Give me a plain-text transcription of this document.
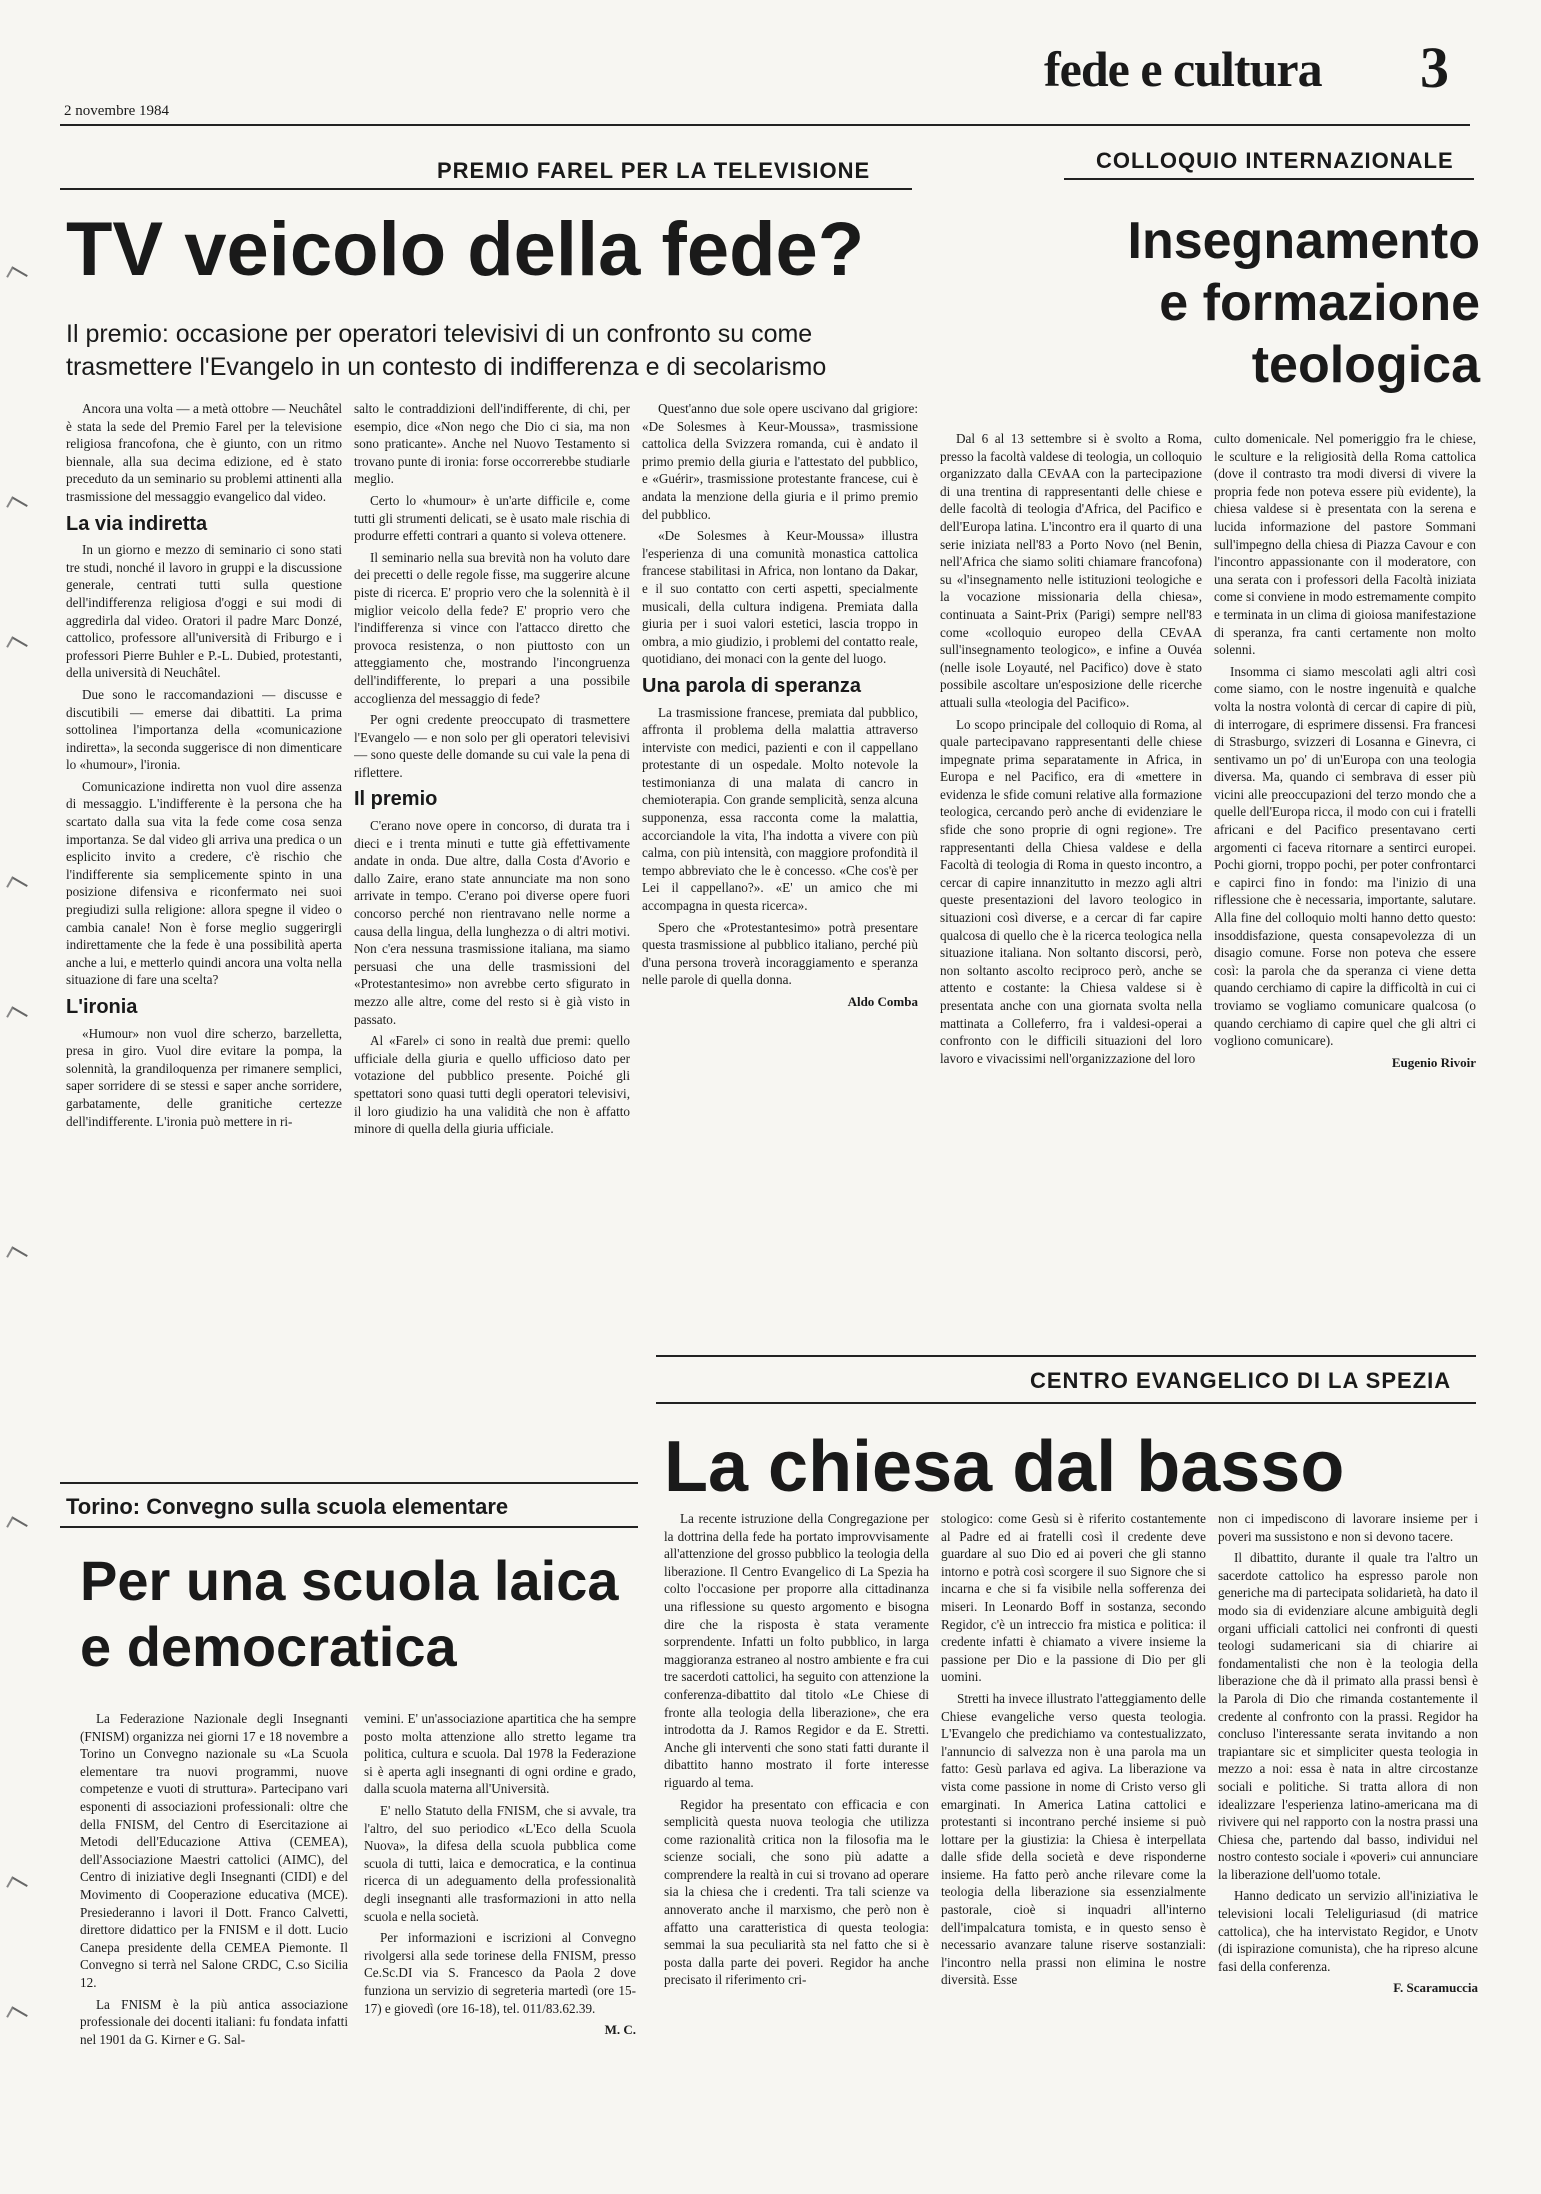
2 novembre 1984
fede e cultura 3
PREMIO FAREL PER LA TELEVISIONE
TV veicolo della fede?
Il premio: occasione per operatori televisivi di un confronto su come trasmettere l'Evangelo in un contesto di indifferenza e di secolarismo

Ancora una volta — a metà ottobre — Neuchâtel è stata la sede del Premio Farel per la televisione religiosa francofona, che è giunto, con un ritmo biennale, alla sua decima edizione, ed è stato preceduto da un seminario su problemi attinenti alla trasmissione del messaggio evangelico dal video.

La via indiretta

In un giorno e mezzo di seminario ci sono stati tre studi, nonché il lavoro in gruppi e la discussione generale, centrati tutti sulla questione dell'indifferenza religiosa d'oggi e sui modi di aggredirla dal video. Oratori il padre Marc Donzé, cattolico, professore all'università di Friburgo e i professori Pierre Buhler e P.-L. Dubied, protestanti, della università di Neuchâtel.

Due sono le raccomandazioni — discusse e discutibili — emerse dai dibattiti. La prima sottolinea l'importanza della «comunicazione indiretta», la seconda suggerisce di non dimenticare lo «humour», l'ironia.

Comunicazione indiretta non vuol dire assenza di messaggio. L'indifferente è la persona che ha scartato dalla sua vita la fede come cosa senza importanza. Se dal video gli arriva una predica o un esplicito invito a credere, c'è rischio che l'indifferente sia semplicemente spinto in una posizione difensiva e riconfermato nei suoi pregiudizi sulla religione: allora spegne il video o cambia canale! Non è forse meglio suggerirgli indirettamente che la fede è una possibilità aperta anche a lui, e metterlo quindi ancora una volta nella situazione di fare una scelta?

L'ironia

«Humour» non vuol dire scherzo, barzelletta, presa in giro. Vuol dire evitare la pompa, la solennità, la grandiloquenza per rimanere semplici, saper sorridere di se stessi e saper anche sorridere, garbatamente, delle granitiche certezze dell'indifferente. L'ironia può mettere in ri-

salto le contraddizioni dell'indifferente, di chi, per esempio, dice «Non nego che Dio ci sia, ma non sono praticante». Anche nel Nuovo Testamento si trovano punte di ironia: forse occorrerebbe studiarle meglio.

Certo lo «humour» è un'arte difficile e, come tutti gli strumenti delicati, se è usato male rischia di produrre effetti contrari a quanto si voleva ottenere.

Il seminario nella sua brevità non ha voluto dare dei precetti o delle regole fisse, ma suggerire alcune piste di ricerca. E' proprio vero che la solennità è il miglior veicolo della fede? E' proprio vero che l'indifferenza si vince con l'attacco diretto che provoca resistenza, o non piuttosto con un atteggiamento che, mostrando l'incongruenza dell'indifferente, lo prepari a una possibile accoglienza del messaggio di fede?

Per ogni credente preoccupato di trasmettere l'Evangelo — e non solo per gli operatori televisivi — sono queste delle domande su cui vale la pena di riflettere.

Il premio

C'erano nove opere in concorso, di durata tra i dieci e i trenta minuti e tutte già effettivamente andate in onda. Due altre, dalla Costa d'Avorio e dallo Zaire, erano state annunciate ma non sono arrivate in tempo. C'erano poi diverse opere fuori concorso perché non rientravano nelle norme a causa della lingua, della lunghezza o di altri motivi. Non c'era nessuna trasmissione italiana, ma siamo persuasi che una delle trasmissioni del «Protestantesimo» non avrebbe certo sfigurato in mezzo alle altre, come del resto si è già visto in passato.

Al «Farel» ci sono in realtà due premi: quello ufficiale della giuria e quello ufficioso dato per votazione del pubblico presente. Poiché gli spettatori sono quasi tutti degli operatori televisivi, il loro giudizio ha una validità che non è affatto minore di quella della giuria ufficiale.

Quest'anno due sole opere uscivano dal grigiore: «De Solesmes à Keur-Moussa», trasmissione cattolica della Svizzera romanda, cui è andato il primo premio della giuria e l'attestato del pubblico, e «Guérir», trasmissione protestante francese, cui è andata la menzione della giuria e il primo premio del pubblico.

«De Solesmes à Keur-Moussa» illustra l'esperienza di una comunità monastica cattolica francese stabilitasi in Africa, non lontano da Dakar, e il suo contatto con certi aspetti, specialmente musicali, della cultura indigena. Premiata dalla giuria per i suoi valori estetici, lascia troppo in ombra, a mio giudizio, i problemi del contatto reale, quotidiano, dei monaci con la gente del luogo.

Una parola di speranza

La trasmissione francese, premiata dal pubblico, affronta il problema della malattia attraverso interviste con medici, pazienti e con il cappellano protestante di un ospedale. Molto notevole la testimonianza di una malata di cancro in chemioterapia. Con grande semplicità, senza alcuna supponenza, essa racconta come la malattia, accorciandole la vita, l'ha indotta a vivere con più calma, con più intensità, con maggiore profondità il tempo abbreviato che le è concesso. «Che cos'è per Lei il cappellano?». «E' un amico che mi accompagna in questa ricerca».

Spero che «Protestantesimo» potrà presentare questa trasmissione al pubblico italiano, perché più d'una persona troverà incoraggiamento e speranza nelle parole di quella donna.

Aldo Comba

COLLOQUIO INTERNAZIONALE
Insegnamento
e formazione
teologica

Dal 6 al 13 settembre si è svolto a Roma, presso la facoltà valdese di teologia, un colloquio organizzato dalla CEvAA con la partecipazione di una trentina di rappresentanti delle chiese e delle facoltà di teologia d'Africa, del Pacifico e dell'Europa latina. L'incontro era il quarto di una serie iniziata nell'83 a Porto Novo (nel Benin, nell'Africa che siamo soliti chiamare francofona) su «l'insegnamento nelle istituzioni teologiche e la vocazione missionaria della chiesa», continuata a Saint-Prix (Parigi) sempre nell'83 come «colloquio europeo della CEvAA sull'insegnamento teologico», e infine a Ouvéa (nelle isole Loyauté, nel Pacifico) dove è stato possibile ascoltare un'esposizione delle ricerche attuali sulla «teologia del Pacifico».

Lo scopo principale del colloquio di Roma, al quale partecipavano rappresentanti delle chiese impegnate prima separatamente in Africa, in Europa e nel Pacifico, era di «mettere in evidenza le sfide comuni relative alla formazione teologica, cercando però anche di evidenziare le sfide che sono proprie di ogni regione». Tre rappresentanti della Chiesa valdese e della Facoltà di teologia di Roma in questo incontro, a cercar di capire innanzitutto in mezzo agli altri queste presentazioni del lavoro teologico in situazioni così diverse, e a cercar di far capire qualcosa di quello che è la ricerca teologica nella situazione italiana. Non soltanto discorsi, però, non soltanto ascolto reciproco però, anche se attento e costante: la Chiesa valdese si è presentata anche con una giornata svolta nella mattinata a Colleferro, fra i valdesi-operai a confronto con le difficili situazioni del loro lavoro e vivacissimi nell'organizzazione del loro

culto domenicale. Nel pomeriggio fra le chiese, le sculture e la religiosità della Roma cattolica (dove il contrasto tra modi diversi di vivere la propria fede non poteva essere più evidente), la chiesa valdese si è presentata con la serena e lucida informazione del pastore Sommani sull'impegno della chiesa di Piazza Cavour e con l'incontro appassionante con il moderatore, con una serata con i professori della Facoltà iniziata come si conviene in modo estremamente compito e terminata in un clima di gioiosa manifestazione di speranza, fra canti certamente non molto solenni.

Insomma ci siamo mescolati agli altri così come siamo, con le nostre ingenuità e qualche volta la nostra volontà di cercar di capire di più, di interrogare, di esprimere dissensi. Fra francesi di Strasburgo, svizzeri di Losanna e Ginevra, ci sentivamo un po' di un'Europa con una teologia diversa. Ma, quando ci sembrava di esser più vicini alle preoccupazioni del terzo mondo che a quelle dell'Europa ricca, il modo con cui i fratelli africani e del Pacifico presentavano certi argomenti ci faceva ritornare a sentirci europei. Pochi giorni, troppo pochi, per poter confrontarci e capirci fino in fondo: ma l'inizio di una riflessione che è necessaria, importante, salutare. Alla fine del colloquio molti hanno detto questo: insoddisfazione, questa consapevolezza di un disagio comune. Forse non poteva che essere così: la parola che da speranza ci viene detta quando cerchiamo di capire la difficoltà in cui ci troviamo se vogliamo comunicare qualcosa (o quando cerchiamo di capire quel che gli altri ci vogliono comunicare).

Eugenio Rivoir

CENTRO EVANGELICO DI LA SPEZIA
La chiesa dal basso

La recente istruzione della Congregazione per la dottrina della fede ha portato improvvisamente all'attenzione del grosso pubblico la teologia della liberazione. Il Centro Evangelico di La Spezia ha colto l'occasione per proporre alla cittadinanza una riflessione su questo argomento e bisogna dire che la risposta è stata veramente sorprendente. Infatti un folto pubblico, in larga maggioranza estraneo al nostro ambiente e fra cui tre sacerdoti cattolici, ha seguito con attenzione la conferenza-dibattito dal titolo «Le Chiese di fronte alla teologia della liberazione», che era introdotta da J. Ramos Regidor e da E. Stretti. Anche gli interventi che sono stati fatti durante il dibattito hanno mostrato il forte interesse riguardo al tema.

Regidor ha presentato con efficacia e con semplicità questa nuova teologia che utilizza come razionalità critica non la filosofia ma le scienze sociali, che sono più adatte a comprendere la realtà in cui si trovano ad operare sia la chiesa che i credenti. Tra tali scienze va annoverato anche il marxismo, che però non è affatto una caratteristica di questa teologia: semmai la sua peculiarità sta nel fatto che si è posta dalla parte dei poveri. Regidor ha anche precisato il riferimento cri-

stologico: come Gesù si è riferito costantemente al Padre ed ai fratelli così il credente deve guardare al suo Dio ed ai poveri che gli stanno intorno e potrà così scorgere il suo Signore che si incarna e che si fa visibile nella sofferenza dei miseri. In Leonardo Boff in sostanza, secondo Regidor, c'è un intreccio fra mistica e politica: il credente infatti è chiamato a vivere insieme la passione per Dio e la passione di Dio per gli uomini.

Stretti ha invece illustrato l'atteggiamento delle Chiese evangeliche verso questa teologia. L'Evangelo che predichiamo va contestualizzato, l'annuncio di salvezza non è una parola ma un fatto: Gesù parlava ed agiva. La liberazione va vista come passione in nome di Cristo verso gli emarginati. In America Latina cattolici e protestanti si incontrano perché insieme si può lottare per la giustizia: la Chiesa è interpellata dalle sfide della società e deve risponderne insieme. Ha fatto però anche rilevare come la teologia della liberazione sia essenzialmente pastorale, cioè si inquadri all'interno dell'impalcatura tomista, e in questo senso è necessario avanzare talune riserve sostanziali: l'incontro nella prassi non elimina le nostre diversità. Esse

non ci impediscono di lavorare insieme per i poveri ma sussistono e non si devono tacere.

Il dibattito, durante il quale tra l'altro un sacerdote cattolico ha espresso parole non generiche ma di partecipata solidarietà, ha dato il modo sia di evidenziare alcune ambiguità degli organi ufficiali cattolici nei confronti di questi teologi sudamericani sia di chiarire ai fondamentalisti che non è la teologia della liberazione che dà il primato alla prassi bensì è la Parola di Dio che rimanda costantemente il credente al confronto con la prassi. Regidor ha concluso l'interessante serata invitando a non trapiantare sic et simpliciter questa teologia in mezzo a noi: essa è nata in altre circostanze sociali e politiche. Si tratta allora di non idealizzare l'esperienza latino-americana ma di rivivere qui nel rapporto con la nostra prassi una Chiesa che, partendo dal basso, individui nel nostro contesto sociale i «poveri» cui annunciare la liberazione dell'uomo totale.

Hanno dedicato un servizio all'iniziativa le televisioni locali Teleliguriasud (di matrice cattolica), che ha intervistato Regidor, e Unotv (di ispirazione comunista), che ha ripreso alcune fasi della conferenza.

F. Scaramuccia

Torino: Convegno sulla scuola elementare
Per una scuola laica
e democratica

La Federazione Nazionale degli Insegnanti (FNISM) organizza nei giorni 17 e 18 novembre a Torino un Convegno nazionale su «La Scuola elementare tra nuovi programmi, nuove competenze e vuoti di struttura». Partecipano vari esponenti di associazioni professionali: oltre che della FNISM, del Centro di Esercitazione ai Metodi dell'Educazione Attiva (CEMEA), dell'Associazione Maestri cattolici (AIMC), del Centro di iniziative degli Insegnanti (CIDI) e del Movimento di Cooperazione educativa (MCE). Presiederanno i lavori il Dott. Franco Calvetti, direttore didattico per la FNISM e il dott. Lucio Canepa presidente della CEMEA Piemonte. Il Convegno si terrà nel Salone CRDC, C.so Sicilia 12.

La FNISM è la più antica associazione professionale dei docenti italiani: fu fondata infatti nel 1901 da G. Kirner e G. Sal-

vemini. E' un'associazione apartitica che ha sempre posto molta attenzione allo stretto legame tra politica, cultura e scuola. Dal 1978 la Federazione si è aperta agli insegnanti di ogni ordine e grado, dalla scuola materna all'Università.

E' nello Statuto della FNISM, che si avvale, tra l'altro, del suo periodico «L'Eco della Scuola Nuova», la difesa della scuola pubblica come scuola di tutti, laica e democratica, e la continua ricerca di un adeguamento della professionalità degli insegnanti alle trasformazioni in atto nella scuola e nella società.

Per informazioni e iscrizioni al Convegno rivolgersi alla sede torinese della FNISM, presso Ce.Sc.DI via S. Francesco da Paola 2 dove funziona un servizio di segreteria martedì (ore 15-17) e giovedì (ore 16-18), tel. 011/83.62.39.

M. C.
